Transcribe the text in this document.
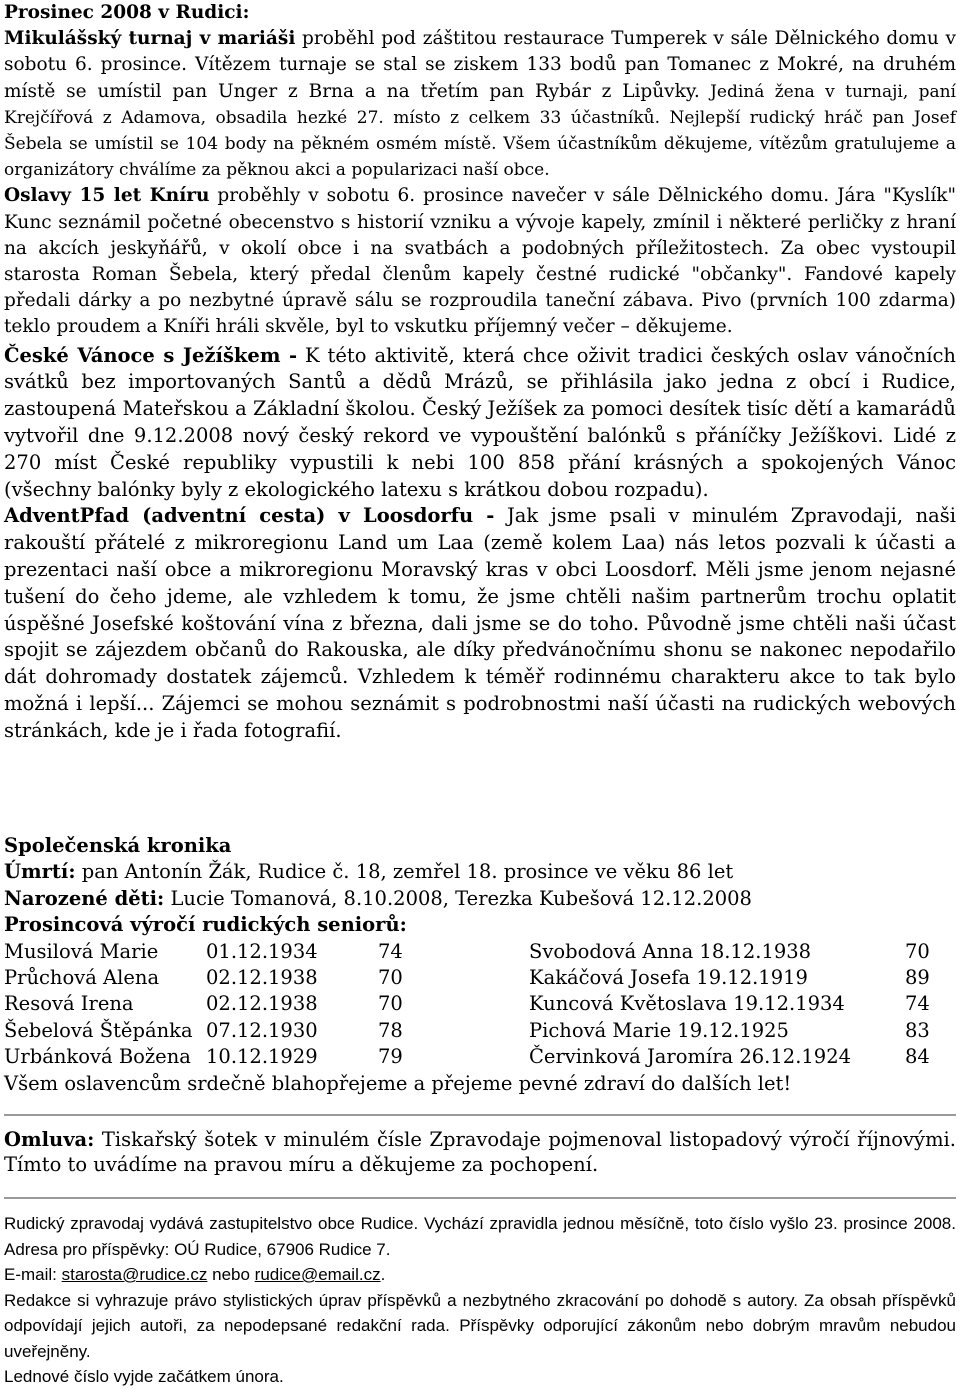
Prosinec 2008 v Rudici:

Mikulášský turnaj v mariáši proběhl pod záštitou restaurace Tumperek v sále Dělnického domu v sobotu 6. prosince. Vítězem turnaje se stal se ziskem 133 bodů pan Tomanec z Mokré, na druhém místě se umístil pan Unger z Brna a na třetím pan Rybár z Lipůvky. Jediná žena v turnaji, paní Krejčířová z Adamova, obsadila hezké 27. místo z celkem 33 účastníků. Nejlepší rudický hráč pan Josef Šebela se umístil se 104 body na pěkném osmém místě. Všem účastníkům děkujeme, vítězům gratulujeme a organizátory chválíme za pěknou akci a popularizaci naší obce.

Oslavy 15 let Kníru proběhly v sobotu 6. prosince navečer v sále Dělnického domu. Jára "Kyslík" Kunc seznámil početné obecenstvo s historií vzniku a vývoje kapely, zmínil i některé perličky z hraní na akcích jeskyňářů, v okolí obce i na svatbách a podobných příležitostech. Za obec vystoupil starosta Roman Šebela, který předal členům kapely čestné rudické "občanky". Fandové kapely předali dárky a po nezbytné úpravě sálu se rozproudila taneční zábava. Pivo (prvních 100 zdarma) teklo proudem a Kníři hráli skvěle, byl to vskutku příjemný večer – děkujeme.

České Vánoce s Ježíškem - K této aktivitě, která chce oživit tradici českých oslav vánočních svátků bez importovaných Santů a dědů Mrázů, se přihlásila jako jedna z obcí i Rudice, zastoupená Mateřskou a Základní školou. Český Ježíšek za pomoci desítek tisíc dětí a kamarádů vytvořil dne 9.12.2008 nový český rekord ve vypouštění balónků s přáníčky Ježíškovi. Lidé z 270 míst České republiky vypustili k nebi 100 858 přání krásných a spokojených Vánoc (všechny balónky byly z ekologického latexu s krátkou dobou rozpadu).

AdventPfad (adventní cesta) v Loosdorfu - Jak jsme psali v minulém Zpravodaji, naši rakouští přátelé z mikroregionu Land um Laa (země kolem Laa) nás letos pozvali k účasti a prezentaci naší obce a mikroregionu Moravský kras v obci Loosdorf. Měli jsme jenom nejasné tušení do čeho jdeme, ale vzhledem k tomu, že jsme chtěli našim partnerům trochu oplatit úspěšné Josefské koštování vína z března, dali jsme se do toho. Původně jsme chtěli naši účast spojit se zájezdem občanů do Rakouska, ale díky předvánočnímu shonu se nakonec nepodařilo dát dohromady dostatek zájemců. Vzhledem k téměř rodinnému charakteru akce to tak bylo možná i lepší... Zájemci se mohou seznámit s podrobnostmi naší účasti na rudických webových stránkách, kde je i řada fotografií.

Společenská kronika

Úmrtí: pan Antonín Žák, Rudice č. 18, zemřel 18. prosince ve věku 86 let

Narozené děti: Lucie Tomanová, 8.10.2008, Terezka Kubešová 12.12.2008

Prosincová výročí rudických seniorů:

Musilová Marie	01.12.1934	74	Svobodová Anna 18.12.1938	70
Průchová Alena	02.12.1938	70	Kakáčová Josefa 19.12.1919	89
Resová Irena	02.12.1938	70	Kuncová Květoslava 19.12.1934	74
Šebelová Štěpánka 07.12.1930	78	Pichová Marie 19.12.1925	83
Urbánková Božena 10.12.1929	79	Červinková Jaromíra 26.12.1924	84

Všem oslavencům srdečně blahopřejeme a přejeme pevné zdraví do dalších let!

Omluva: Tiskařský šotek v minulém čísle Zpravodaje pojmenoval listopadový výročí říjnovými. Tímto to uvádíme na pravou míru a děkujeme za pochopení.

Rudický zpravodaj vydává zastupitelstvo obce Rudice. Vychází zpravidla jednou měsíčně, toto číslo vyšlo 23. prosince 2008. Adresa pro příspěvky: OÚ Rudice, 67906 Rudice 7.

E-mail: starosta@rudice.cz nebo rudice@email.cz.

Redakce si vyhrazuje právo stylistických úprav příspěvků a nezbytného zkracování po dohodě s autory. Za obsah příspěvků odpovídají jejich autoři, za nepodepsané redakční rada. Příspěvky odporující zákonům nebo dobrým mravům nebudou uveřejněny.

Lednové číslo vyjde začátkem února.
